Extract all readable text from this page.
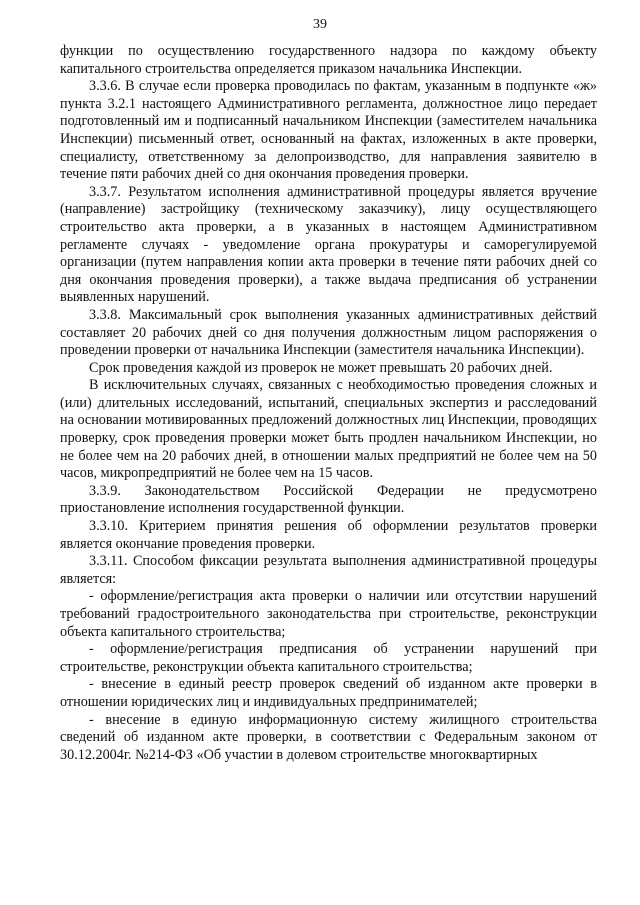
39

функции по осуществлению государственного надзора по каждому объекту капитального строительства определяется приказом начальника Инспекции.

3.3.6. В случае если проверка проводилась по фактам, указанным в подпункте «ж» пункта 3.2.1 настоящего Административного регламента, должностное лицо передает подготовленный им и подписанный начальником Инспекции (заместителем начальника Инспекции) письменный ответ, основанный на фактах, изложенных в акте проверки, специалисту, ответственному за делопроизводство, для направления заявителю в течение пяти рабочих дней со дня окончания проведения проверки.

3.3.7. Результатом исполнения административной процедуры является вручение (направление) застройщику (техническому заказчику), лицу осуществляющего строительство акта проверки, а в указанных в настоящем Административном регламенте случаях - уведомление органа прокуратуры и саморегулируемой организации (путем направления копии акта проверки в течение пяти рабочих дней со дня окончания проведения проверки), а также выдача предписания об устранении выявленных нарушений.

3.3.8. Максимальный срок выполнения указанных административных действий составляет 20 рабочих дней со дня получения должностным лицом распоряжения о проведении проверки от начальника Инспекции (заместителя начальника Инспекции).

Срок проведения каждой из проверок не может превышать 20 рабочих дней.

В исключительных случаях, связанных с необходимостью проведения сложных и (или) длительных исследований, испытаний, специальных экспертиз и расследований на основании мотивированных предложений должностных лиц Инспекции, проводящих проверку, срок проведения проверки может быть продлен начальником Инспекции, но не более чем на 20 рабочих дней, в отношении малых предприятий не более чем на 50 часов, микропредприятий не более чем на 15 часов.

3.3.9. Законодательством Российской Федерации не предусмотрено приостановление исполнения государственной функции.

3.3.10. Критерием принятия решения об оформлении результатов проверки является окончание проведения проверки.

3.3.11. Способом фиксации результата выполнения административной процедуры является:

- оформление/регистрация акта проверки о наличии или отсутствии нарушений требований градостроительного законодательства при строительстве, реконструкции объекта капитального строительства;

- оформление/регистрация предписания об устранении нарушений при строительстве, реконструкции объекта капитального строительства;

- внесение в единый реестр проверок сведений об изданном акте проверки в отношении юридических лиц и индивидуальных предпринимателей;

- внесение в единую информационную систему жилищного строительства сведений об изданном акте проверки, в соответствии с Федеральным законом от 30.12.2004г. №214-ФЗ «Об участии в долевом строительстве многоквартирных
